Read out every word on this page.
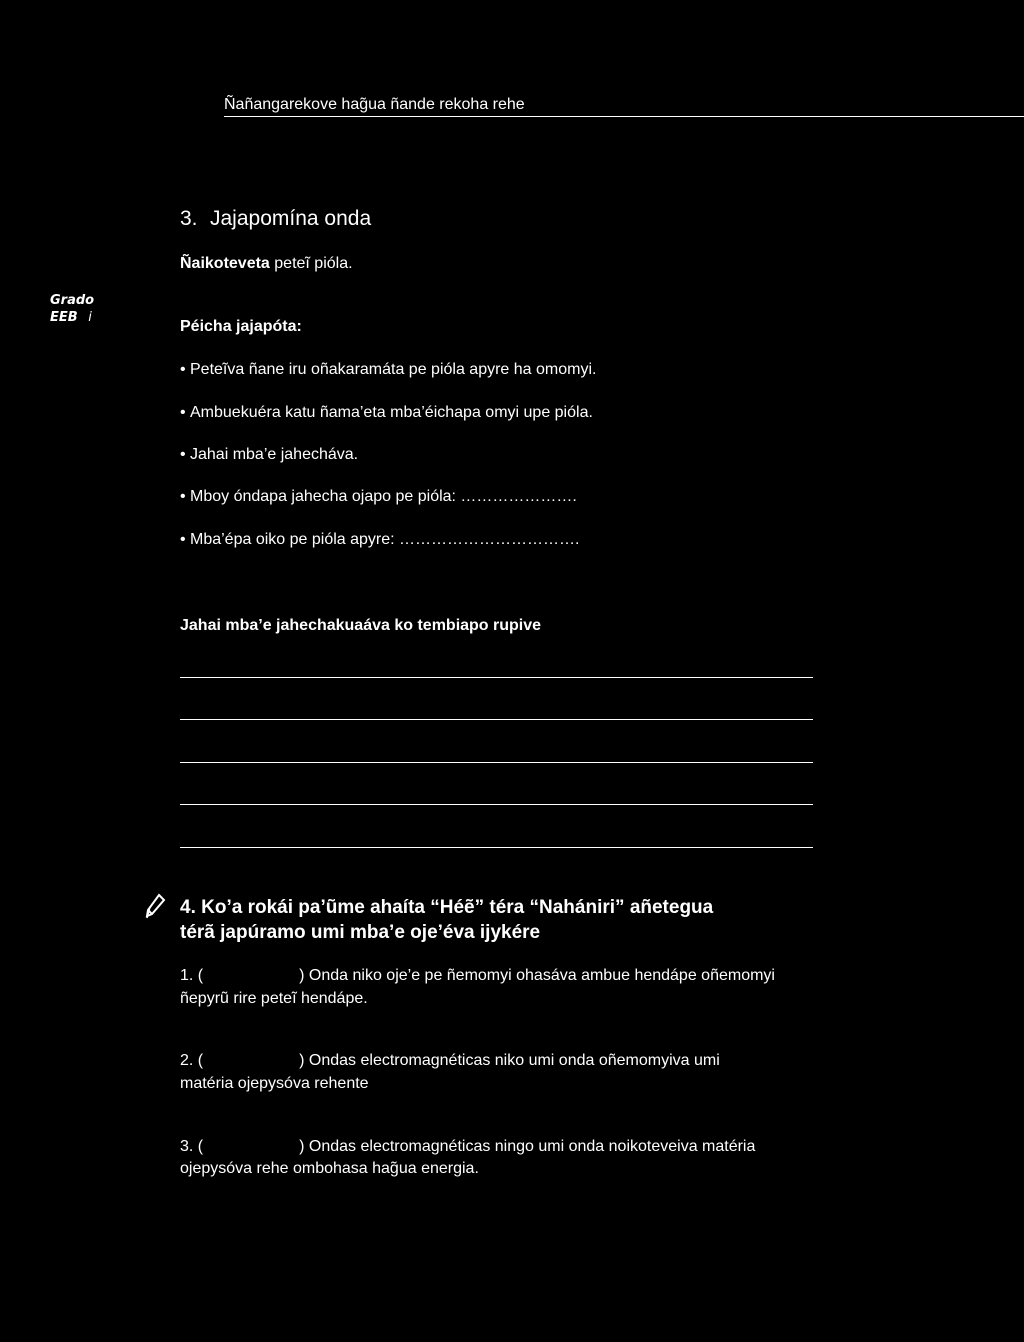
Ñañangarekove hag̃ua ñande rekoha rehe
Grado
EEB i
3. Jajapomína onda
Ñaikoteveta peteĩ pióla.
Péicha jajapóta:
• Peteĩva ñane iru oñakaramáta pe pióla apyre ha omomyi.
• Ambuekuéra katu ñama’eta mba’éichapa omyi upe pióla.
• Jahai mba’e jahecháva.
• Mboy óndapa jahecha ojapo pe pióla: ………………….
• Mba’épa oiko pe pióla apyre: …………………………….
Jahai mba’e jahechakuaáva ko tembiapo rupive
4. Ko’a rokái pa’ũme ahaíta “Héẽ” téra “Nahániri” añetegua
térã japúramo umi mba’e oje’éva ijykére
1. (	) Onda niko oje’e pe ñemomyi ohasáva ambue hendápe oñemomyi
ñepyrũ rire peteĩ hendápe.
2. (	) Ondas electromagnéticas niko umi onda oñemomyiva umi
matéria ojepysóva rehente
3. (	) Ondas electromagnéticas ningo umi onda noikoteveiva matéria
ojepysóva rehe ombohasa hag̃ua energia.
